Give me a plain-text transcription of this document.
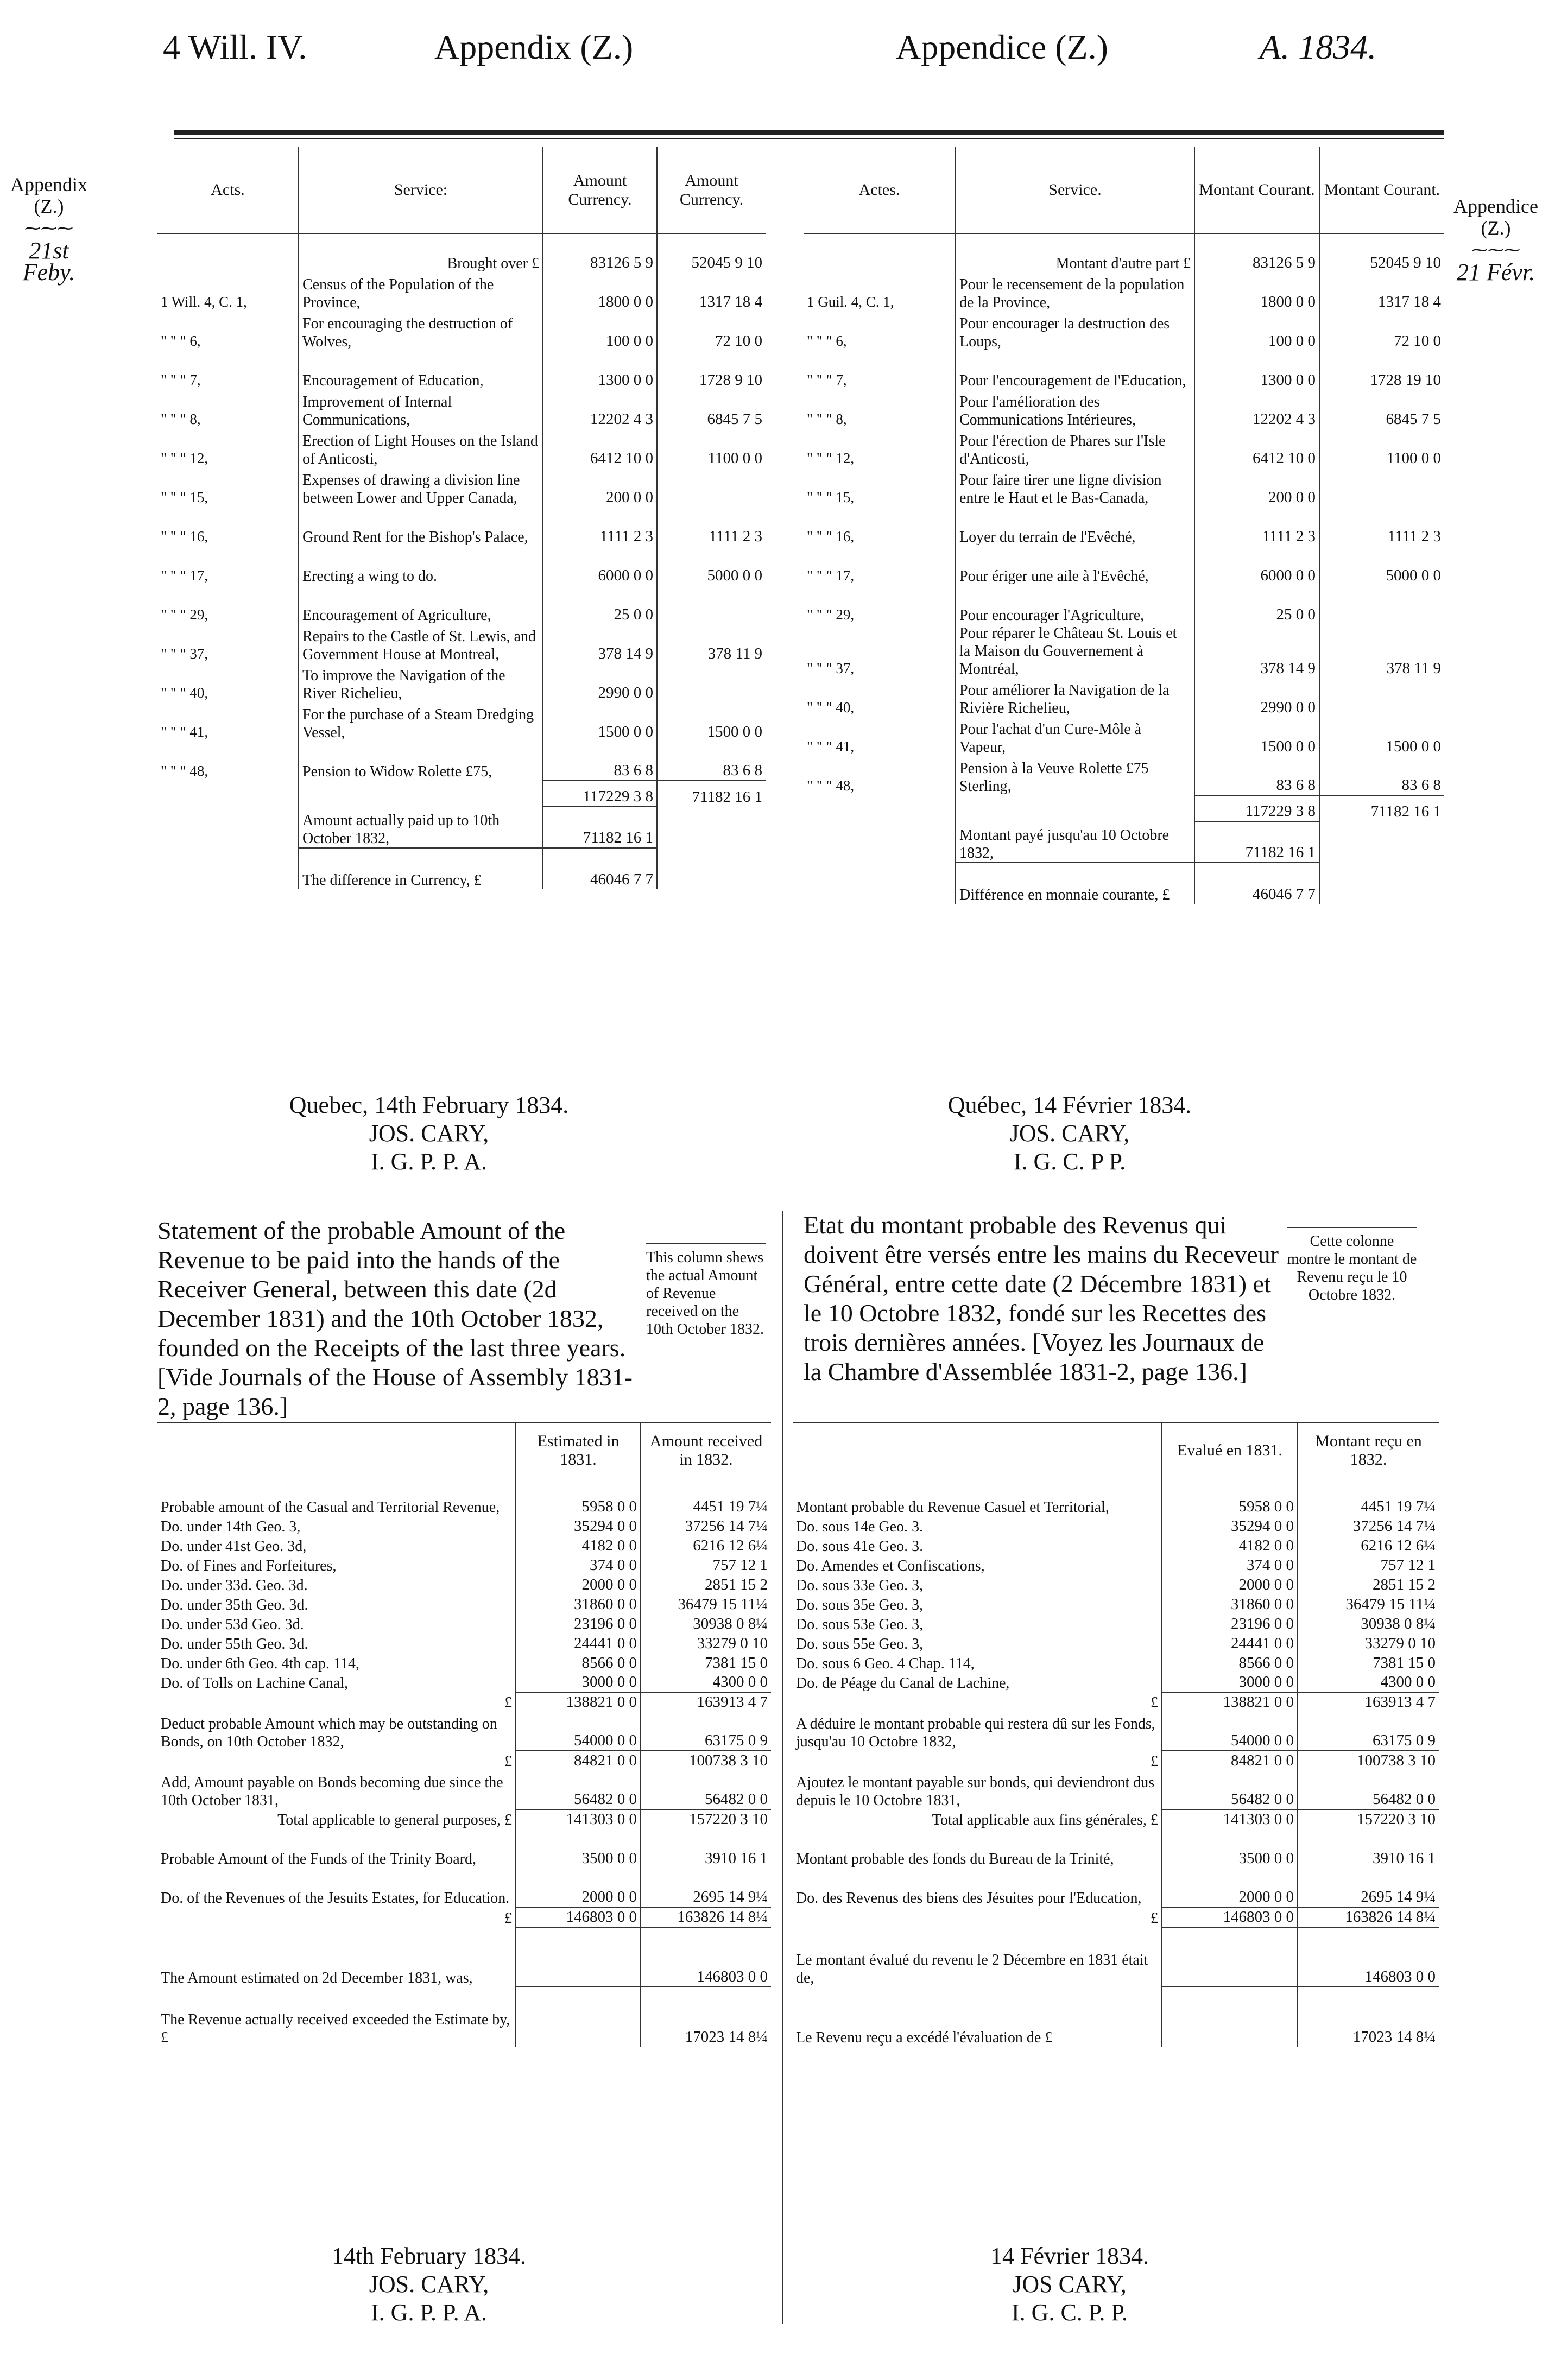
4 Will. IV.	Appendix (Z.)	Appendice (Z.)	A. 1834.
Appendix (Z.)
⁓⁓⁓
21st Feby.
Appendice (Z.)
⁓⁓⁓
21 Févr.
Acts.	Service:	Amount Currency.	Amount Currency.
	Brought over £	83126 5 9	52045 9 10
1 Will. 4, C. 1,	Census of the Population of the Province,	1800 0 0	1317 18 4
" " " 6,	For encouraging the destruction of Wolves,	100 0 0	72 10 0
" " " 7,	Encouragement of Education,	1300 0 0	1728 9 10
" " " 8,	Improvement of Internal Communications,	12202 4 3	6845 7 5
" " " 12,	Erection of Light Houses on the Island of Anticosti,	6412 10 0	1100 0 0
" " " 15,	Expenses of drawing a division line between Lower and Upper Canada,	200 0 0	
" " " 16,	Ground Rent for the Bishop's Palace,	1111 2 3	1111 2 3
" " " 17,	Erecting a wing to do.	6000 0 0	5000 0 0
" " " 29,	Encouragement of Agriculture,	25 0 0	
" " " 37,	Repairs to the Castle of St. Lewis, and Government House at Montreal,	378 14 9	378 11 9
" " " 40,	To improve the Navigation of the River Richelieu,	2990 0 0	
" " " 41,	For the purchase of a Steam Dredging Vessel,	1500 0 0	1500 0 0
" " " 48,	Pension to Widow Rolette £75,	83 6 8	83 6 8
		117229 3 8	71182 16 1
	Amount actually paid up to 10th October 1832,	71182 16 1	
	The difference in Currency, £	46046 7 7	
Actes.	Service.	Montant Courant.	Montant Courant.
	Montant d'autre part £	83126 5 9	52045 9 10
1 Guil. 4, C. 1,	Pour le recensement de la population de la Province,	1800 0 0	1317 18 4
" " " 6,	Pour encourager la destruction des Loups,	100 0 0	72 10 0
" " " 7,	Pour l'encouragement de l'Education,	1300 0 0	1728 19 10
" " " 8,	Pour l'amélioration des Communications Intérieures,	12202 4 3	6845 7 5
" " " 12,	Pour l'érection de Phares sur l'Isle d'Anticosti,	6412 10 0	1100 0 0
" " " 15,	Pour faire tirer une ligne division entre le Haut et le Bas-Canada,	200 0 0	
" " " 16,	Loyer du terrain de l'Evêché,	1111 2 3	1111 2 3
" " " 17,	Pour ériger une aile à l'Evêché,	6000 0 0	5000 0 0
" " " 29,	Pour encourager l'Agriculture,	25 0 0	
" " " 37,	Pour réparer le Château St. Louis et la Maison du Gouvernement à Montréal,	378 14 9	378 11 9
" " " 40,	Pour améliorer la Navigation de la Rivière Richelieu,	2990 0 0	
" " " 41,	Pour l'achat d'un Cure-Môle à Vapeur,	1500 0 0	1500 0 0
" " " 48,	Pension à la Veuve Rolette £75 Sterling,	83 6 8	83 6 8
		117229 3 8	71182 16 1
	Montant payé jusqu'au 10 Octobre 1832,	71182 16 1	
	Différence en monnaie courante, £	46046 7 7	
Quebec, 14th February 1834.
JOS. CARY,
I. G. P. P. A.
Québec, 14 Février 1834.
JOS. CARY,
I. G. C. P P.
Statement of the probable Amount of the Revenue to be paid into the hands of the Receiver General, between this date (2d December 1831) and the 10th October 1832, founded on the Receipts of the last three years. [Vide Journals of the House of Assembly 1831-2, page 136.]
This column shews the actual Amount of Revenue received on the 10th October 1832.
	Estimated in 1831.	Amount received in 1832.
Probable amount of the Casual and Territorial Revenue,	5958 0 0	4451 19 7¼
Do. under 14th Geo. 3,	35294 0 0	37256 14 7¼
Do. under 41st Geo. 3d,	4182 0 0	6216 12 6¼
Do. of Fines and Forfeitures,	374 0 0	757 12 1
Do. under 33d. Geo. 3d.	2000 0 0	2851 15 2
Do. under 35th Geo. 3d.	31860 0 0	36479 15 11¼
Do. under 53d Geo. 3d.	23196 0 0	30938 0 8¼
Do. under 55th Geo. 3d.	24441 0 0	33279 0 10
Do. under 6th Geo. 4th cap. 114,	8566 0 0	7381 15 0
Do. of Tolls on Lachine Canal,	3000 0 0	4300 0 0
£	138821 0 0	163913 4 7
Deduct probable Amount which may be outstanding on Bonds, on 10th October 1832,	54000 0 0	63175 0 9
£	84821 0 0	100738 3 10
Add, Amount payable on Bonds becoming due since the 10th October 1831,	56482 0 0	56482 0 0
Total applicable to general purposes, £	141303 0 0	157220 3 10
Probable Amount of the Funds of the Trinity Board,	3500 0 0	3910 16 1
Do. of the Revenues of the Jesuits Estates, for Education.	2000 0 0	2695 14 9¼
£	146803 0 0	163826 14 8¼
The Amount estimated on 2d December 1831, was,		146803 0 0
The Revenue actually received exceeded the Estimate by, £		17023 14 8¼
Etat du montant probable des Revenus qui doivent être versés entre les mains du Receveur Général, entre cette date (2 Décembre 1831) et le 10 Octobre 1832, fondé sur les Recettes des trois dernières années. [Voyez les Journaux de la Chambre d'Assemblée 1831-2, page 136.]
Cette colonne montre le montant de Revenu reçu le 10 Octobre 1832.
	Evalué en 1831.	Montant reçu en 1832.
Montant probable du Revenue Casuel et Territorial,	5958 0 0	4451 19 7¼
Do. sous 14e Geo. 3.	35294 0 0	37256 14 7¼
Do. sous 41e Geo. 3.	4182 0 0	6216 12 6¼
Do. Amendes et Confiscations,	374 0 0	757 12 1
Do. sous 33e Geo. 3,	2000 0 0	2851 15 2
Do. sous 35e Geo. 3,	31860 0 0	36479 15 11¼
Do. sous 53e Geo. 3,	23196 0 0	30938 0 8¼
Do. sous 55e Geo. 3,	24441 0 0	33279 0 10
Do. sous 6 Geo. 4 Chap. 114,	8566 0 0	7381 15 0
Do. de Péage du Canal de Lachine,	3000 0 0	4300 0 0
£	138821 0 0	163913 4 7
A déduire le montant probable qui restera dû sur les Fonds, jusqu'au 10 Octobre 1832,	54000 0 0	63175 0 9
£	84821 0 0	100738 3 10
Ajoutez le montant payable sur bonds, qui deviendront dus depuis le 10 Octobre 1831,	56482 0 0	56482 0 0
Total applicable aux fins générales, £	141303 0 0	157220 3 10
Montant probable des fonds du Bureau de la Trinité,	3500 0 0	3910 16 1
Do. des Revenus des biens des Jésuites pour l'Education,	2000 0 0	2695 14 9¼
£	146803 0 0	163826 14 8¼
Le montant évalué du revenu le 2 Décembre en 1831 était de,		146803 0 0
Le Revenu reçu a excédé l'évaluation de £		17023 14 8¼
14th February 1834.
JOS. CARY,
I. G. P. P. A.
14 Février 1834.
JOS CARY,
I. G. C. P. P.
